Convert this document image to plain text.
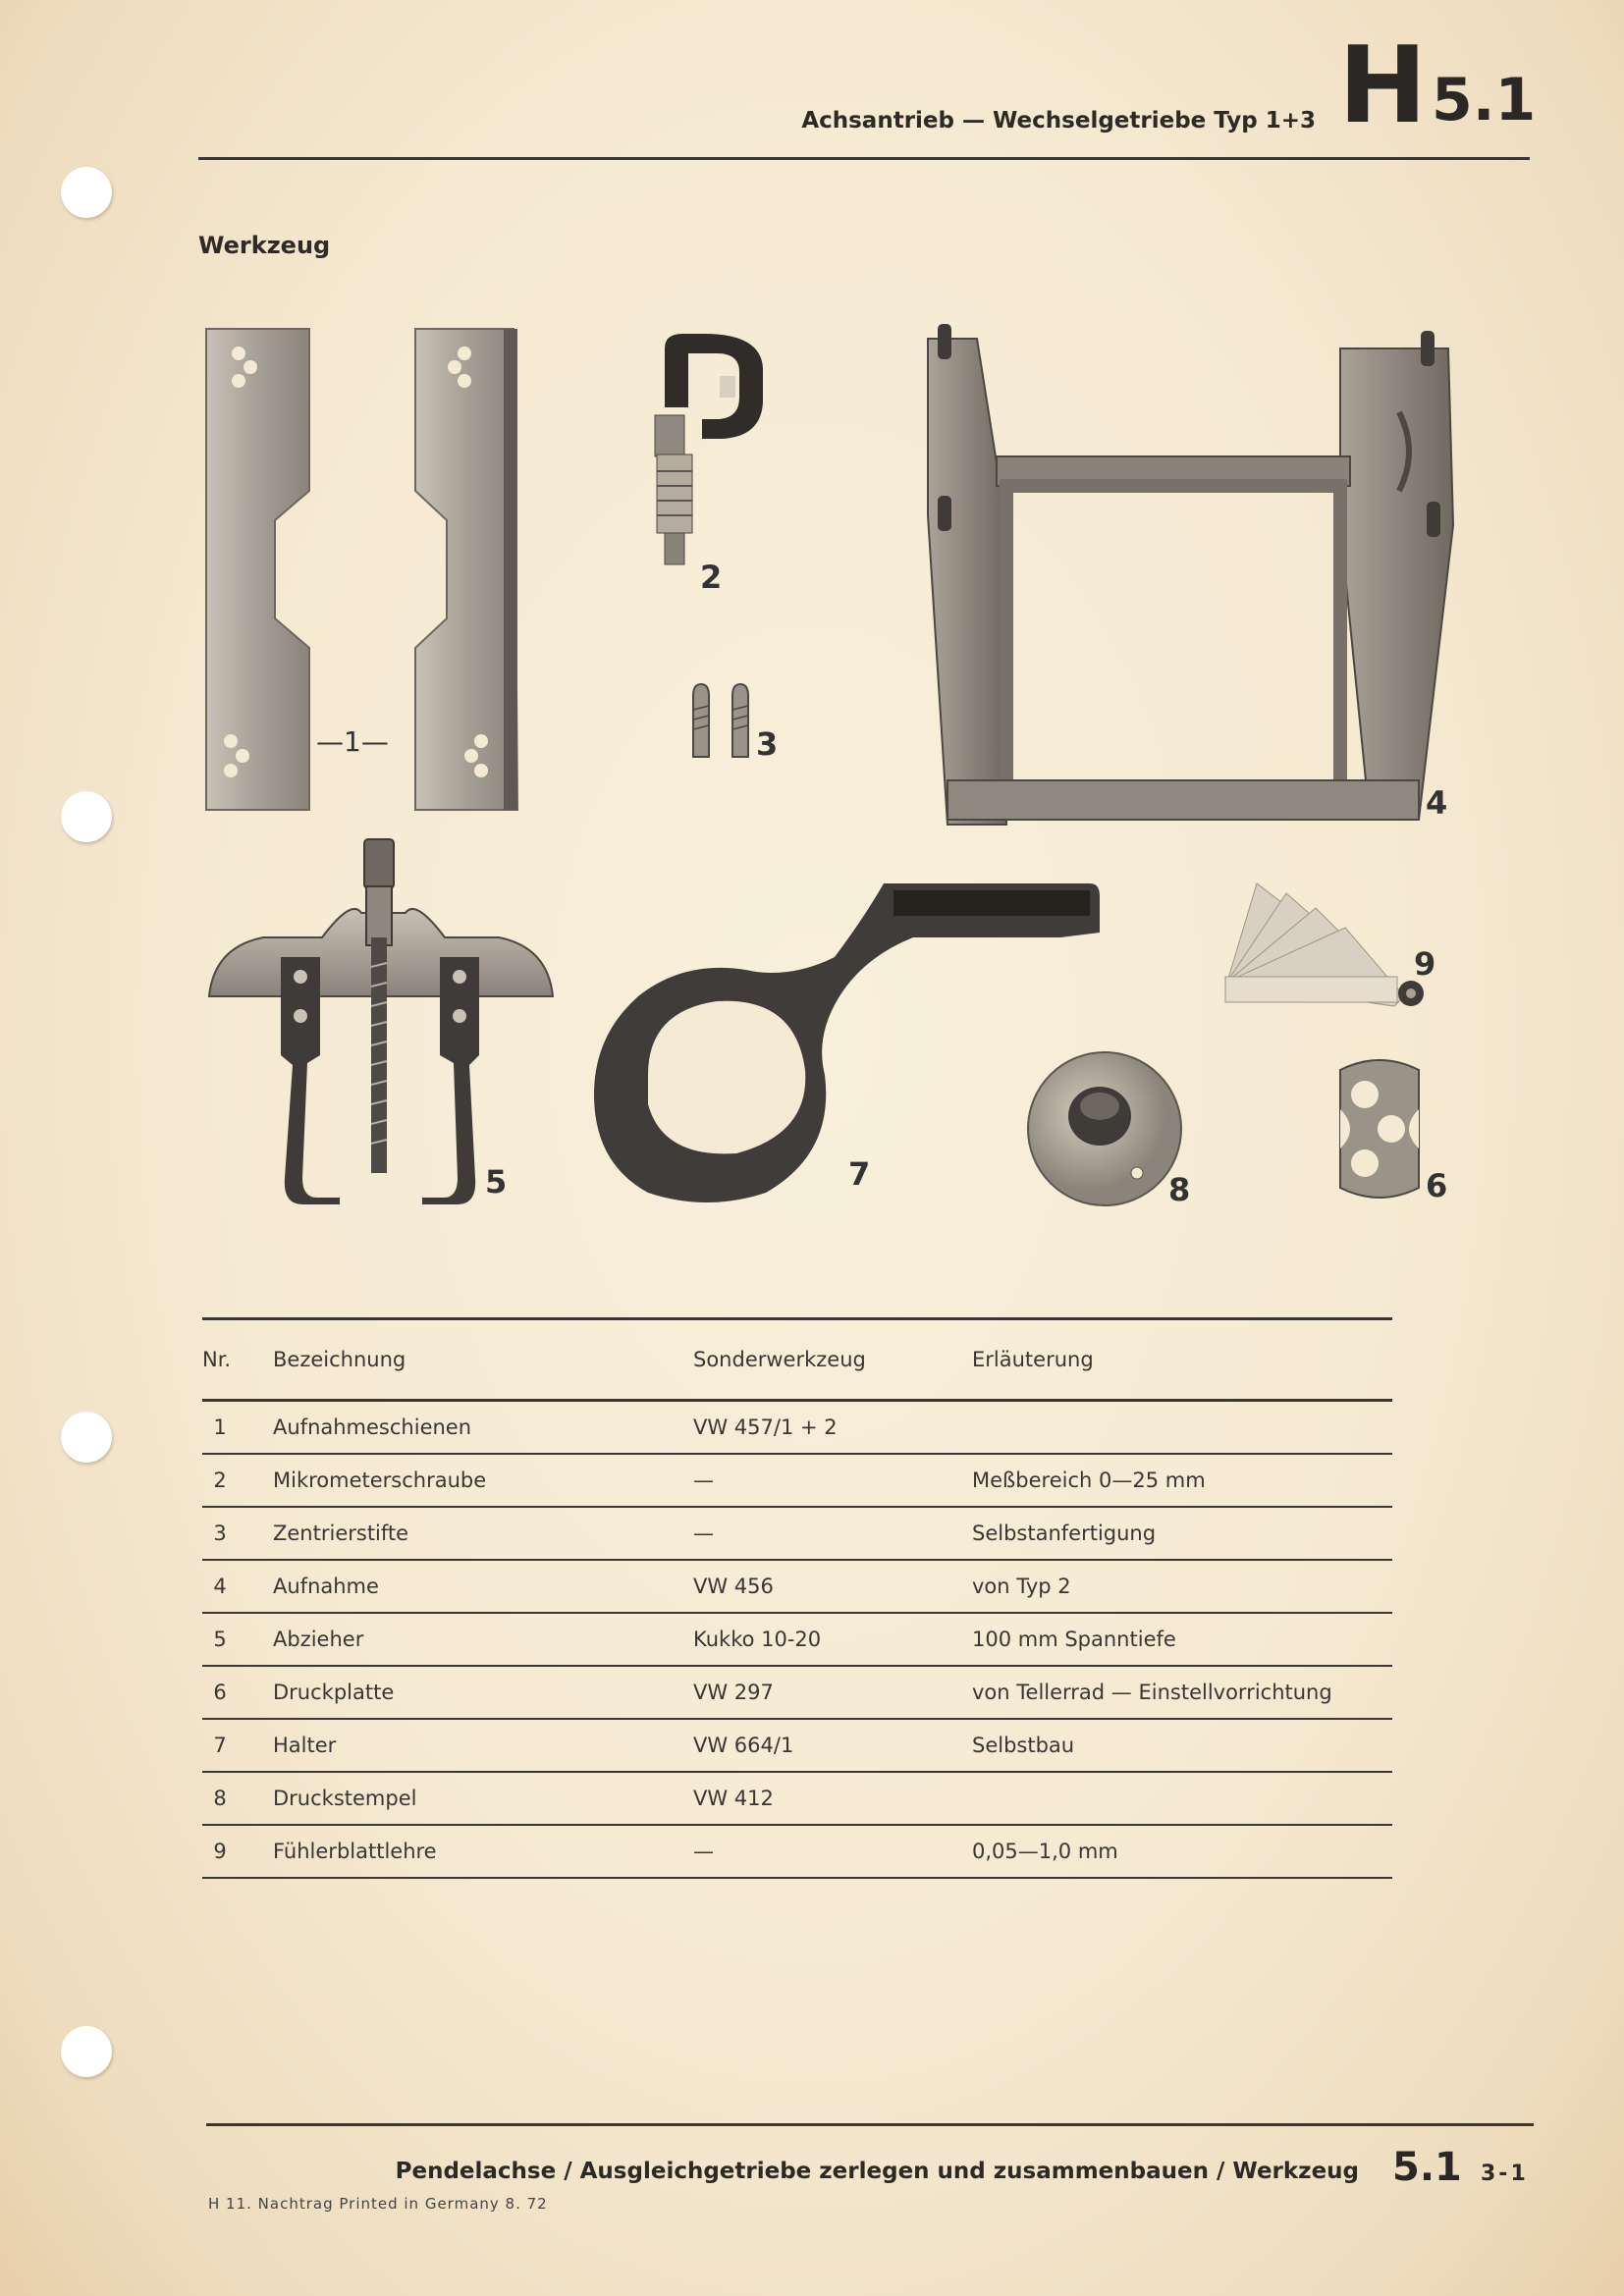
Achsantrieb — Wechselgetriebe Typ 1+3 H 5.1
Werkzeug
—1—
2
3
4
5	7
9
8	6
Nr. Bezeichnung	Sonderwerkzeug	Erläuterung
1	Aufnahmeschienen	VW 457/1 + 2
2	Mikrometerschraube	—	Meßbereich 0—25 mm
3	Zentrierstifte	—	Selbstanfertigung
4	Aufnahme	VW 456	von Typ 2
5	Abzieher	Kukko 10-20	100 mm Spanntiefe
6	Druckplatte	VW 297	von Tellerrad — Einstellvorrichtung
7	Halter	VW 664/1	Selbstbau
8	Druckstempel	VW 412
9	Fühlerblattlehre	—	0,05—1,0 mm
Pendelachse / Ausgleichgetriebe zerlegen und zusammenbauen / Werkzeug 5.1 3-1
H 11. Nachtrag Printed in Germany 8. 72
